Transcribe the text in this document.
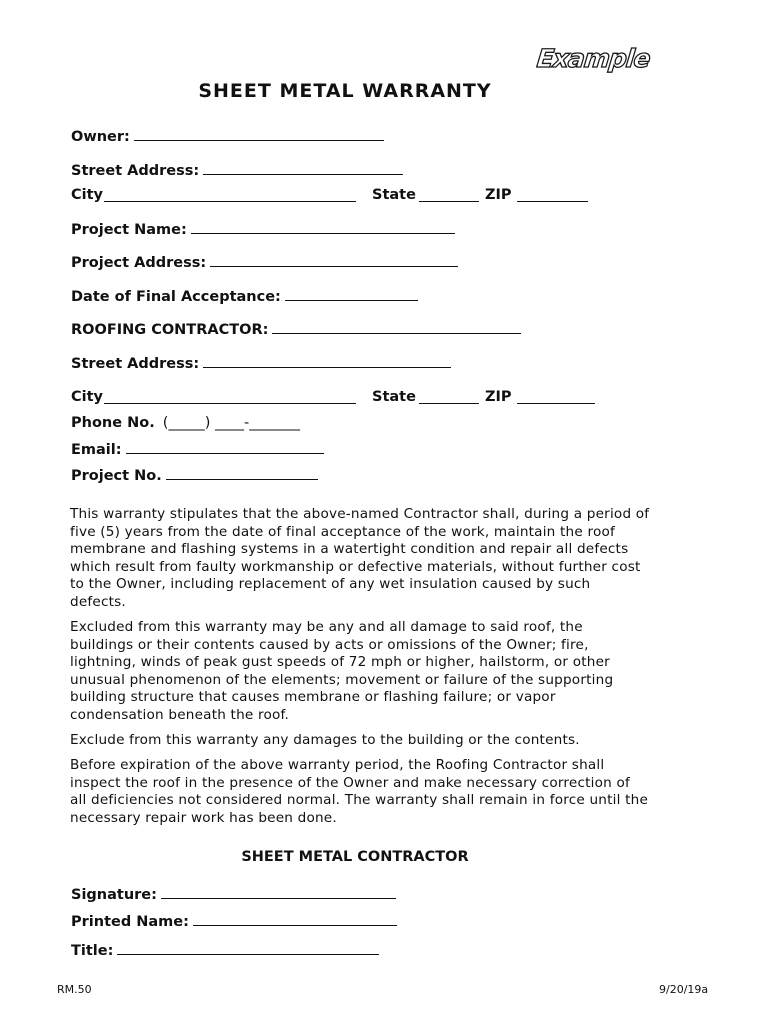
Example
SHEET METAL WARRANTY
Owner:
Street Address:
City	State	ZIP
Project Name:
Project Address:
Date of Final Acceptance:
ROOFING CONTRACTOR:
Street Address:
City	State	ZIP
Phone No. (_____) ____-_______
Email:
Project No.

This warranty stipulates that the above-named Contractor shall, during a period of five (5) years from the date of final acceptance of the work, maintain the roof membrane and flashing systems in a watertight condition and repair all defects which result from faulty workmanship or defective materials, without further cost to the Owner, including replacement of any wet insulation caused by such defects.

Excluded from this warranty may be any and all damage to said roof, the buildings or their contents caused by acts or omissions of the Owner; fire, lightning, winds of peak gust speeds of 72 mph or higher, hailstorm, or other unusual phenomenon of the elements; movement or failure of the supporting building structure that causes membrane or flashing failure; or vapor condensation beneath the roof.

Exclude from this warranty any damages to the building or the contents.

Before expiration of the above warranty period, the Roofing Contractor shall inspect the roof in the presence of the Owner and make necessary correction of all deficiencies not considered normal. The warranty shall remain in force until the necessary repair work has been done.

SHEET METAL CONTRACTOR
Signature:
Printed Name:
Title:
RM.50	9/20/19a
